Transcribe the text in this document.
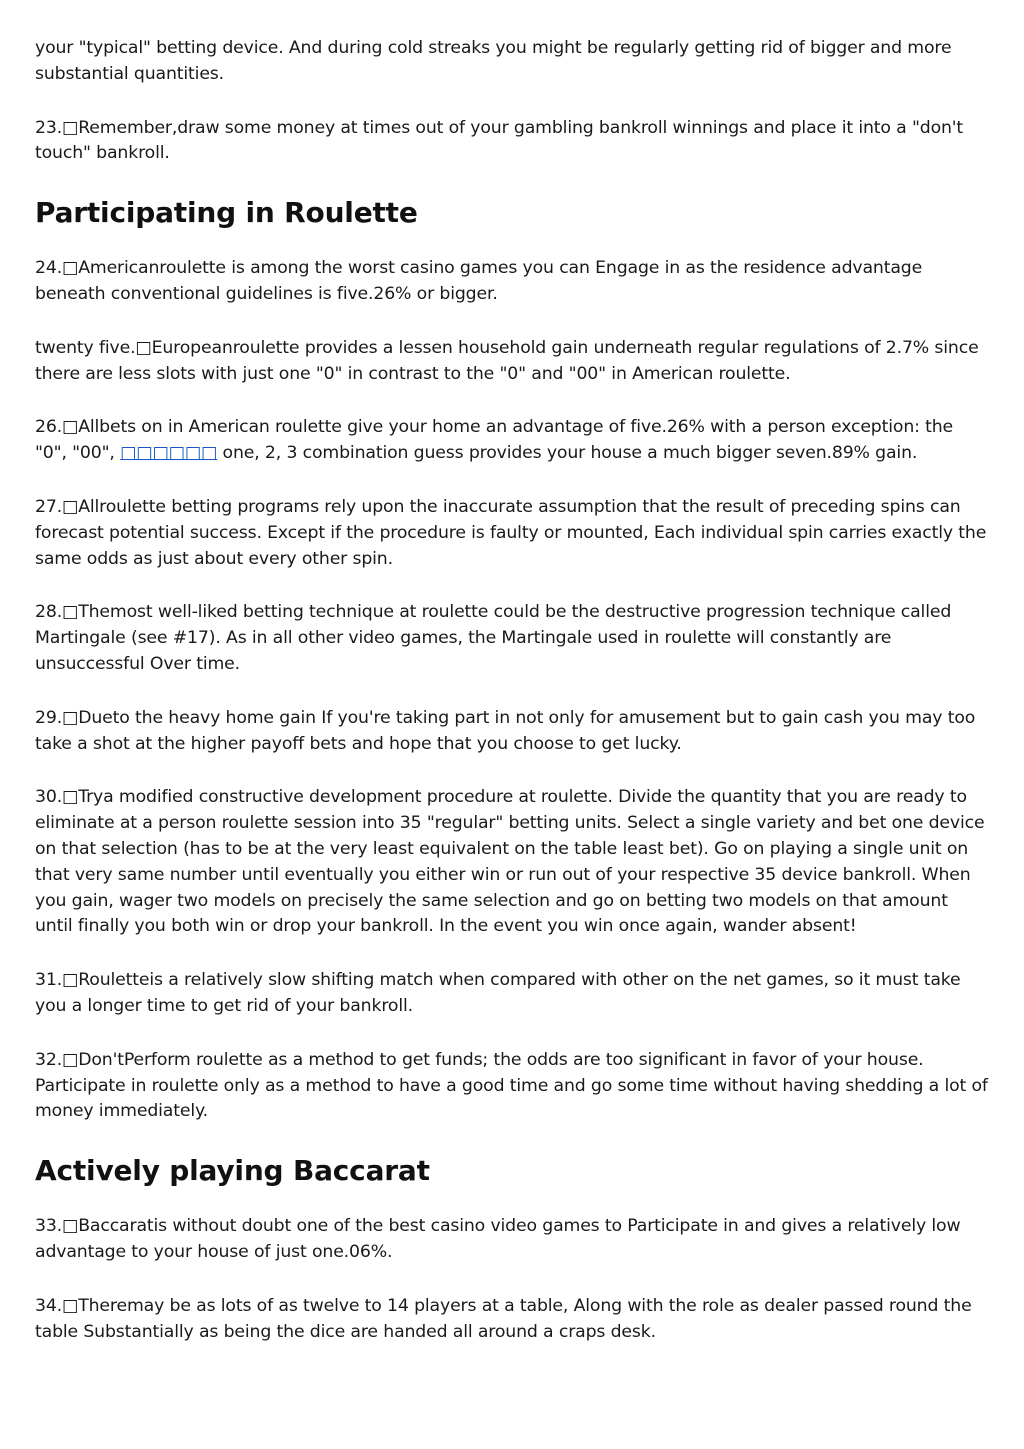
your "typical" betting device. And during cold streaks you might be regularly getting rid of bigger and more substantial quantities.

23.□Remember,draw some money at times out of your gambling bankroll winnings and place it into a "don't touch" bankroll.

Participating in Roulette

24.□Americanroulette is among the worst casino games you can Engage in as the residence advantage beneath conventional guidelines is five.26% or bigger.

twenty five.□Europeanroulette provides a lessen household gain underneath regular regulations of 2.7% since there are less slots with just one "0" in contrast to the "0" and "00" in American roulette.

26.□Allbets on in American roulette give your home an advantage of five.26% with a person exception: the "0", "00", □□□□□□ one, 2, 3 combination guess provides your house a much bigger seven.89% gain.

27.□Allroulette betting programs rely upon the inaccurate assumption that the result of preceding spins can forecast potential success. Except if the procedure is faulty or mounted, Each individual spin carries exactly the same odds as just about every other spin.

28.□Themost well-liked betting technique at roulette could be the destructive progression technique called Martingale (see #17). As in all other video games, the Martingale used in roulette will constantly are unsuccessful Over time.

29.□Dueto the heavy home gain If you're taking part in not only for amusement but to gain cash you may too take a shot at the higher payoff bets and hope that you choose to get lucky.

30.□Trya modified constructive development procedure at roulette. Divide the quantity that you are ready to eliminate at a person roulette session into 35 "regular" betting units. Select a single variety and bet one device on that selection (has to be at the very least equivalent on the table least bet). Go on playing a single unit on that very same number until eventually you either win or run out of your respective 35 device bankroll. When you gain, wager two models on precisely the same selection and go on betting two models on that amount until finally you both win or drop your bankroll. In the event you win once again, wander absent!

31.□Rouletteis a relatively slow shifting match when compared with other on the net games, so it must take you a longer time to get rid of your bankroll.

32.□Don'tPerform roulette as a method to get funds; the odds are too significant in favor of your house. Participate in roulette only as a method to have a good time and go some time without having shedding a lot of money immediately.

Actively playing Baccarat

33.□Baccaratis without doubt one of the best casino video games to Participate in and gives a relatively low advantage to your house of just one.06%.

34.□Theremay be as lots of as twelve to 14 players at a table, Along with the role as dealer passed round the table Substantially as being the dice are handed all around a craps desk.
